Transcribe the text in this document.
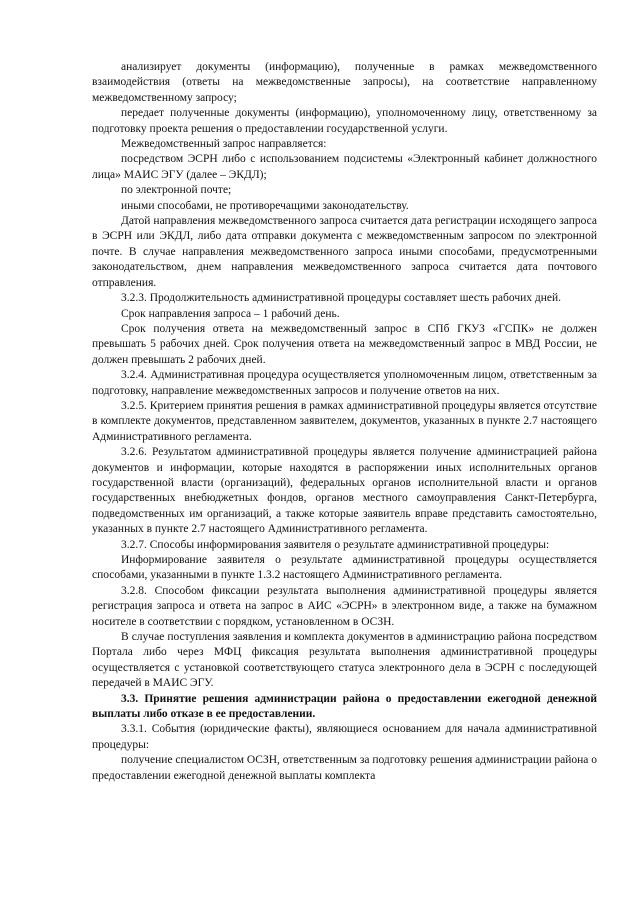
анализирует документы (информацию), полученные в рамках межведомственного взаимодействия (ответы на межведомственные запросы), на соответствие направленному межведомственному запросу;

передает полученные документы (информацию), уполномоченному лицу, ответственному за подготовку проекта решения о предоставлении государственной услуги.

Межведомственный запрос направляется:

посредством ЭСРН либо с использованием подсистемы «Электронный кабинет должностного лица» МАИС ЭГУ (далее – ЭКДЛ);

по электронной почте;

иными способами, не противоречащими законодательству.

Датой направления межведомственного запроса считается дата регистрации исходящего запроса в ЭСРН или ЭКДЛ, либо дата отправки документа с межведомственным запросом по электронной почте. В случае направления межведомственного запроса иными способами, предусмотренными законодательством, днем направления межведомственного запроса считается дата почтового отправления.

3.2.3. Продолжительность административной процедуры составляет шесть рабочих дней.

Срок направления запроса – 1 рабочий день.

Срок получения ответа на межведомственный запрос в СПб ГКУЗ «ГСПК» не должен превышать 5 рабочих дней. Срок получения ответа на межведомственный запрос в МВД России, не должен превышать 2 рабочих дней.

3.2.4. Административная процедура осуществляется уполномоченным лицом, ответственным за подготовку, направление межведомственных запросов и получение ответов на них.

3.2.5. Критерием принятия решения в рамках административной процедуры является отсутствие в комплекте документов, представленном заявителем, документов, указанных в пункте 2.7 настоящего Административного регламента.

3.2.6. Результатом административной процедуры является получение администрацией района документов и информации, которые находятся в распоряжении иных исполнительных органов государственной власти (организаций), федеральных органов исполнительной власти и органов государственных внебюджетных фондов, органов местного самоуправления Санкт-Петербурга, подведомственных им организаций, а также которые заявитель вправе представить самостоятельно, указанных в пункте 2.7 настоящего Административного регламента.

3.2.7. Способы информирования заявителя о результате административной процедуры:

Информирование заявителя о результате административной процедуры осуществляется способами, указанными в пункте 1.3.2 настоящего Административного регламента.

3.2.8. Способом фиксации результата выполнения административной процедуры является регистрация запроса и ответа на запрос в АИС «ЭСРН» в электронном виде, а также на бумажном носителе в соответствии с порядком, установленном в ОСЗН.

В случае поступления заявления и комплекта документов в администрацию района посредством Портала либо через МФЦ фиксация результата выполнения административной процедуры осуществляется с установкой соответствующего статуса электронного дела в ЭСРН с последующей передачей в МАИС ЭГУ.

3.3. Принятие решения администрации района о предоставлении ежегодной денежной выплаты либо отказе в ее предоставлении.

3.3.1. События (юридические факты), являющиеся основанием для начала административной процедуры:

получение специалистом ОСЗН, ответственным за подготовку решения администрации района о предоставлении ежегодной денежной выплаты комплекта
